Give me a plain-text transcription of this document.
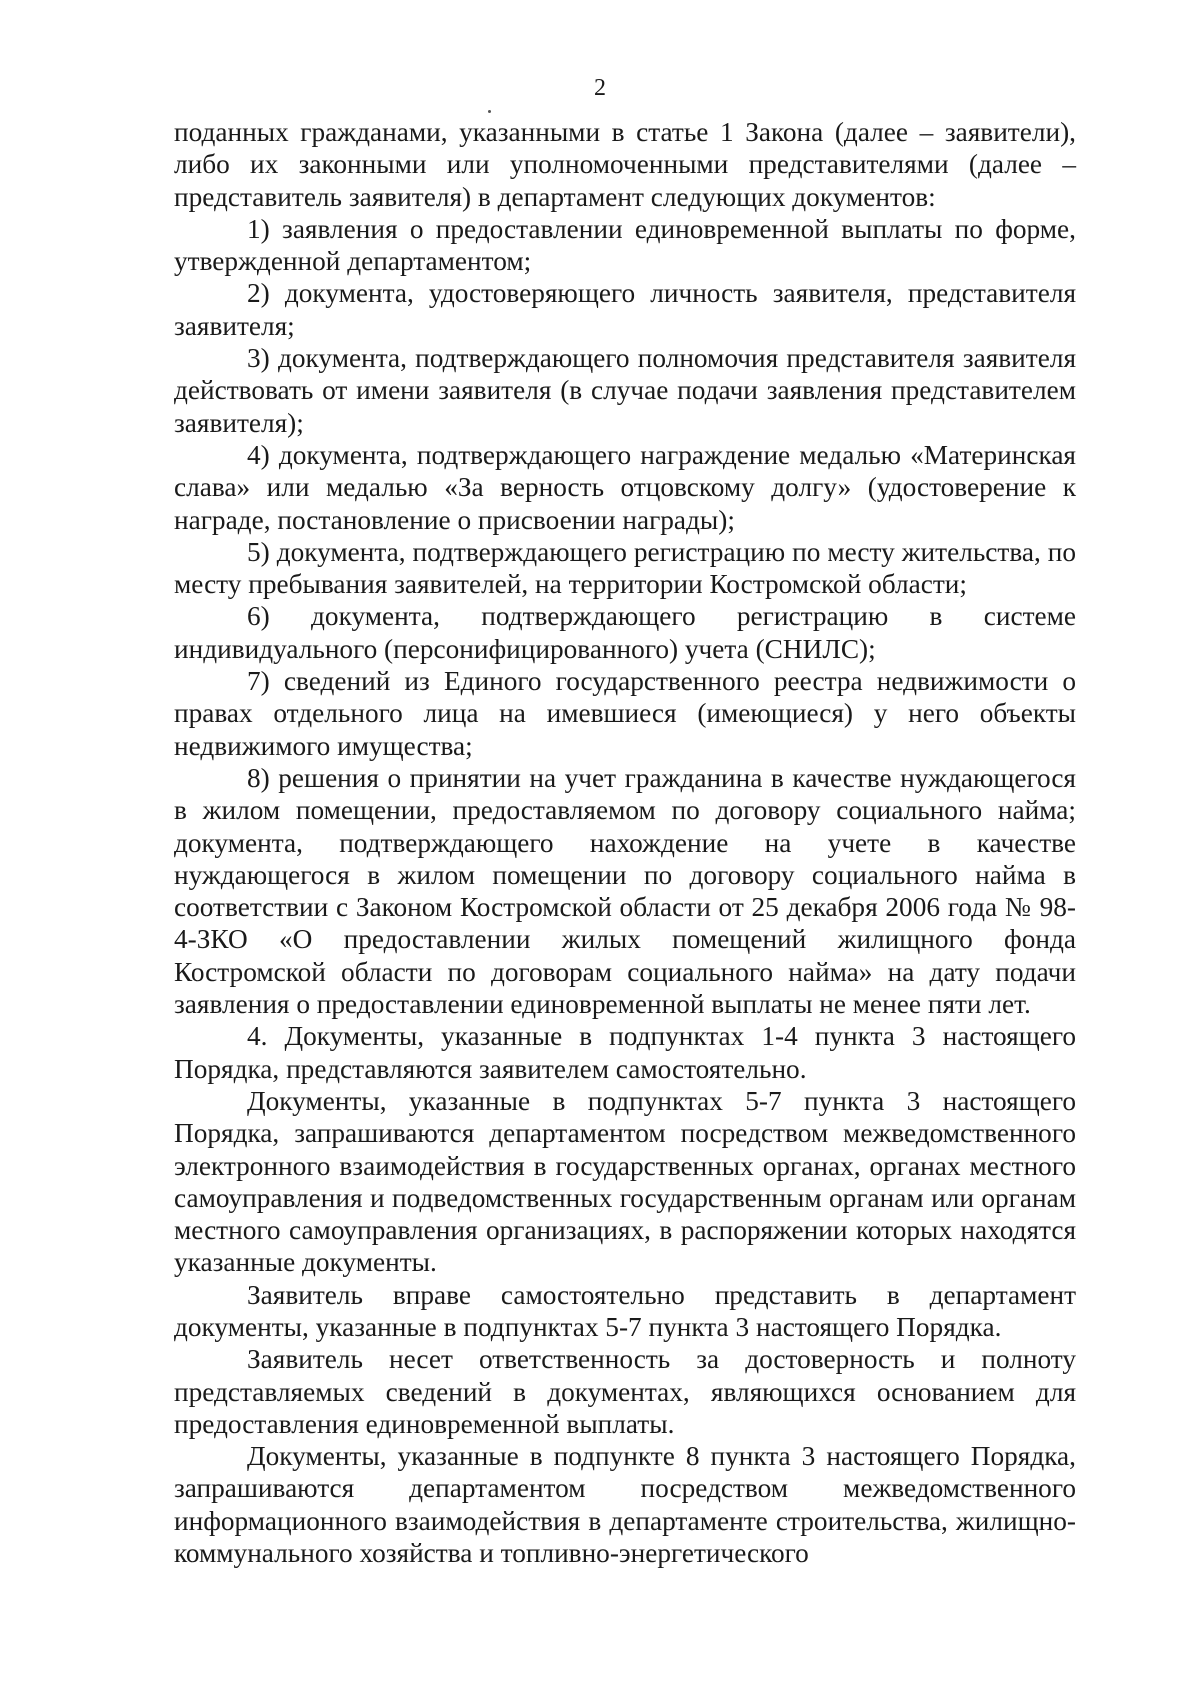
2

поданных гражданами, указанными в статье 1 Закона (далее – заявители), либо их законными или уполномоченными представителями (далее – представитель заявителя) в департамент следующих документов:

1) заявления о предоставлении единовременной выплаты по форме, утвержденной департаментом;

2) документа, удостоверяющего личность заявителя, представителя заявителя;

3) документа, подтверждающего полномочия представителя заявителя действовать от имени заявителя (в случае подачи заявления представителем заявителя);

4) документа, подтверждающего награждение медалью «Материнская слава» или медалью «За верность отцовскому долгу» (удостоверение к награде, постановление о присвоении награды);

5) документа, подтверждающего регистрацию по месту жительства, по месту пребывания заявителей, на территории Костромской области;

6) документа, подтверждающего регистрацию в системе индивидуального (персонифицированного) учета (СНИЛС);

7) сведений из Единого государственного реестра недвижимости о правах отдельного лица на имевшиеся (имеющиеся) у него объекты недвижимого имущества;

8) решения о принятии на учет гражданина в качестве нуждающегося в жилом помещении, предоставляемом по договору социального найма; документа, подтверждающего нахождение на учете в качестве нуждающегося в жилом помещении по договору социального найма в соответствии с Законом Костромской области от 25 декабря 2006 года № 98-4-ЗКО «О предоставлении жилых помещений жилищного фонда Костромской области по договорам социального найма» на дату подачи заявления о предоставлении единовременной выплаты не менее пяти лет.

4. Документы, указанные в подпунктах 1-4 пункта 3 настоящего Порядка, представляются заявителем самостоятельно.

Документы, указанные в подпунктах 5-7 пункта 3 настоящего Порядка, запрашиваются департаментом посредством межведомственного электронного взаимодействия в государственных органах, органах местного самоуправления и подведомственных государственным органам или органам местного самоуправления организациях, в распоряжении которых находятся указанные документы.

Заявитель вправе самостоятельно представить в департамент документы, указанные в подпунктах 5-7 пункта 3 настоящего Порядка.

Заявитель несет ответственность за достоверность и полноту представляемых сведений в документах, являющихся основанием для предоставления единовременной выплаты.

Документы, указанные в подпункте 8 пункта 3 настоящего Порядка, запрашиваются департаментом посредством межведомственного информационного взаимодействия в департаменте строительства, жилищно-коммунального хозяйства и топливно-энергетического
